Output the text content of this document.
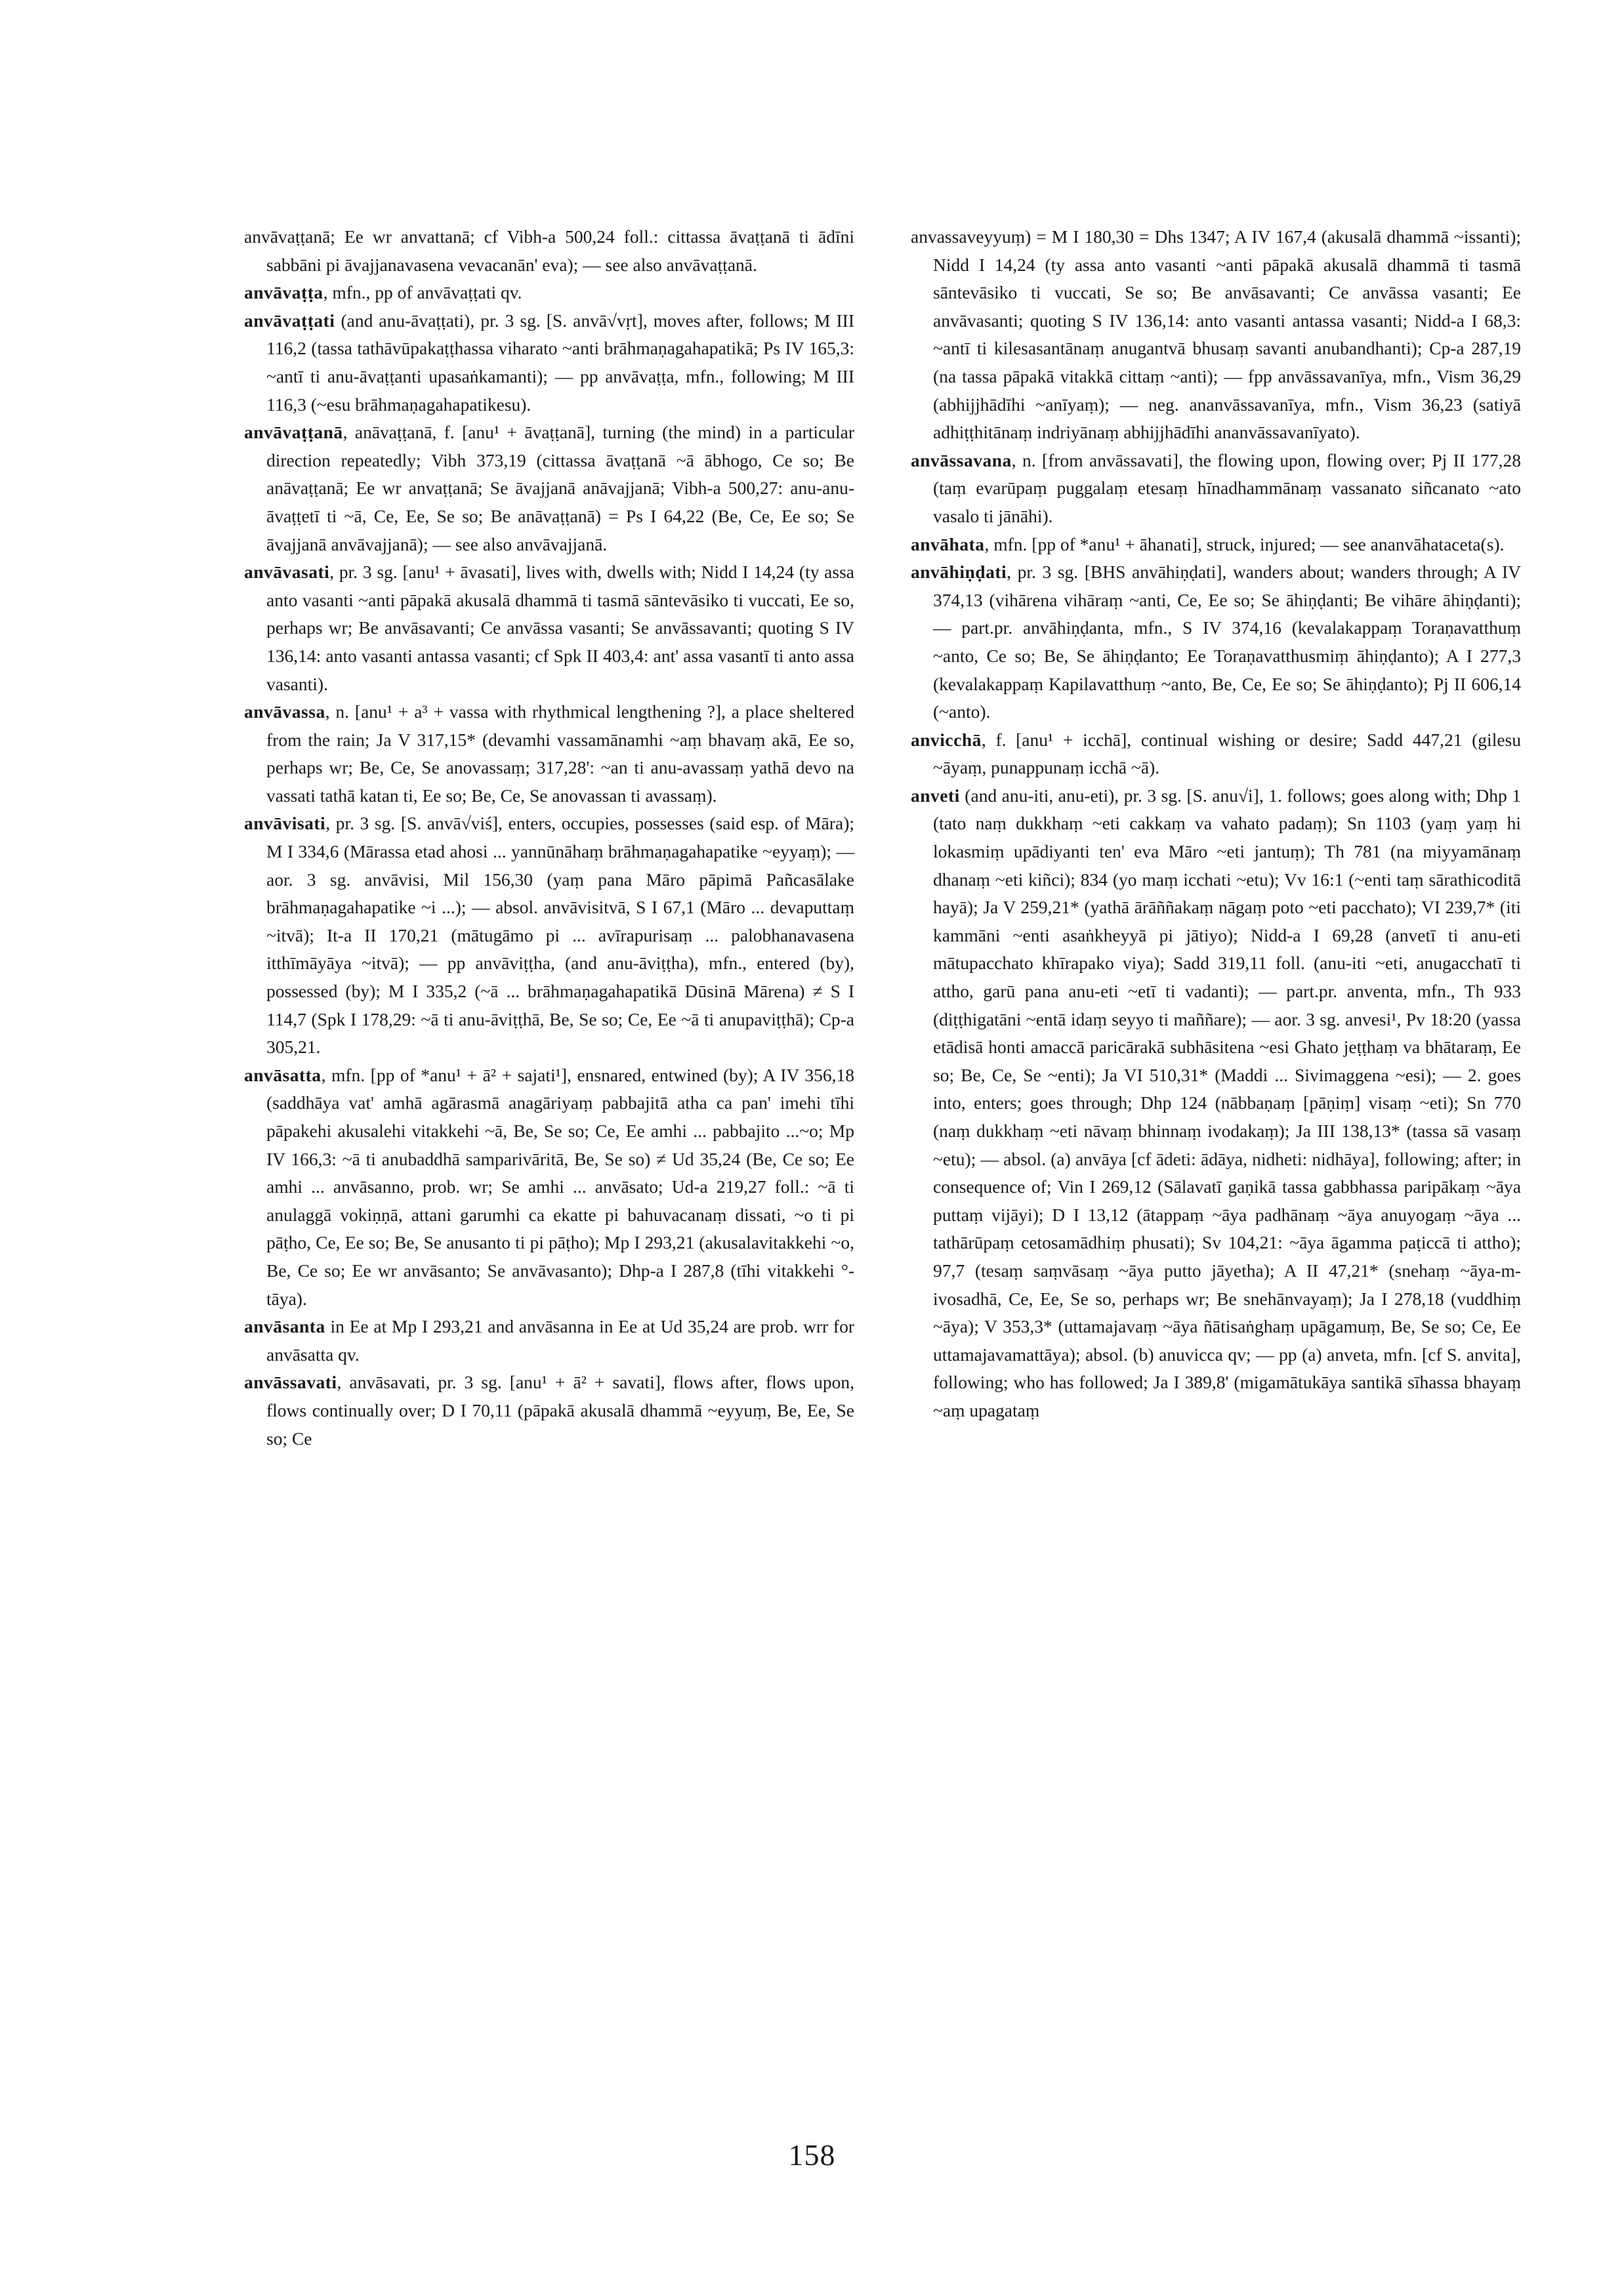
anvāvaṭṭanā; Ee wr anvattanā; cf Vibh-a 500,24 foll.: cittassa āvaṭṭanā ti ādīni sabbāni pi āvajjanavasena vevacanān' eva); — see also anvāvaṭṭanā.

anvāvaṭṭa, mfn., pp of anvāvaṭṭati qv.

anvāvaṭṭati (and anu-āvaṭṭati), pr. 3 sg. [S. anvā√vṛt], moves after, follows; M III 116,2 (tassa tathāvūpakaṭṭhassa viharato ~anti brāhmaṇagahapatikā; Ps IV 165,3: ~antī ti anu-āvaṭṭanti upasaṅkamanti); — pp anvāvaṭṭa, mfn., following; M III 116,3 (~esu brāhmaṇagahapatikesu).

anvāvaṭṭanā, anāvaṭṭanā, f. [anu¹ + āvaṭṭanā], turning (the mind) in a particular direction repeatedly; Vibh 373,19 (cittassa āvaṭṭanā ~ā ābhogo, Ce so; Be anāvaṭṭanā; Ee wr anvaṭṭanā; Se āvajjanā anāvajjanā; Vibh-a 500,27: anu-anu-āvaṭṭetī ti ~ā, Ce, Ee, Se so; Be anāvaṭṭanā) = Ps I 64,22 (Be, Ce, Ee so; Se āvajjanā anvāvajjanā); — see also anvāvajjanā.

anvāvasati, pr. 3 sg. [anu¹ + āvasati], lives with, dwells with; Nidd I 14,24 (ty assa anto vasanti ~anti pāpakā akusalā dhammā ti tasmā sāntevāsiko ti vuccati, Ee so, perhaps wr; Be anvāsavanti; Ce anvāssa vasanti; Se anvāssavanti; quoting S IV 136,14: anto vasanti antassa vasanti; cf Spk II 403,4: ant' assa vasantī ti anto assa vasanti).

anvāvassa, n. [anu¹ + a³ + vassa with rhythmical lengthening ?], a place sheltered from the rain; Ja V 317,15* (devamhi vassamānamhi ~aṃ bhavaṃ akā, Ee so, perhaps wr; Be, Ce, Se anovassaṃ; 317,28': ~an ti anu-avassaṃ yathā devo na vassati tathā katan ti, Ee so; Be, Ce, Se anovassan ti avassaṃ).

anvāvisati, pr. 3 sg. [S. anvā√viś], enters, occupies, possesses (said esp. of Māra); M I 334,6 (Mārassa etad ahosi ... yannūnāhaṃ brāhmaṇagahapatike ~eyyaṃ); — aor. 3 sg. anvāvisi, Mil 156,30 (yaṃ pana Māro pāpimā Pañcasālake brāhmaṇagahapatike ~i ...); — absol. anvāvisitvā, S I 67,1 (Māro ... devaputtaṃ ~itvā); It-a II 170,21 (mātugāmo pi ... avīrapurisaṃ ... palobhanavasena itthīmāyāya ~itvā); — pp anvāviṭṭha, (and anu-āviṭṭha), mfn., entered (by), possessed (by); M I 335,2 (~ā ... brāhmaṇagahapatikā Dūsinā Mārena) ≠ S I 114,7 (Spk I 178,29: ~ā ti anu-āviṭṭhā, Be, Se so; Ce, Ee ~ā ti anupaviṭṭhā); Cp-a 305,21.

anvāsatta, mfn. [pp of *anu¹ + ā² + sajati¹], ensnared, entwined (by); A IV 356,18 (saddhāya vat' amhā agārasmā anagāriyaṃ pabbajitā atha ca pan' imehi tīhi pāpakehi akusalehi vitakkehi ~ā, Be, Se so; Ce, Ee amhi ... pabbajito ...~o; Mp IV 166,3: ~ā ti anubaddhā samparivāritā, Be, Se so) ≠ Ud 35,24 (Be, Ce so; Ee amhi ... anvāsanno, prob. wr; Se amhi ... anvāsato; Ud-a 219,27 foll.: ~ā ti anulaggā vokiṇṇā, attani garumhi ca ekatte pi bahuvacanaṃ dissati, ~o ti pi pāṭho, Ce, Ee so; Be, Se anusanto ti pi pāṭho); Mp I 293,21 (akusalavitakkehi ~o, Be, Ce so; Ee wr anvāsanto; Se anvāvasanto); Dhp-a I 287,8 (tīhi vitakkehi °-tāya).

anvāsanta in Ee at Mp I 293,21 and anvāsanna in Ee at Ud 35,24 are prob. wrr for anvāsatta qv.

anvāssavati, anvāsavati, pr. 3 sg. [anu¹ + ā² + savati], flows after, flows upon, flows continually over; D I 70,11 (pāpakā akusalā dhammā ~eyyuṃ, Be, Ee, Se so; Ce

anvassaveyyuṃ) = M I 180,30 = Dhs 1347; A IV 167,4 (akusalā dhammā ~issanti); Nidd I 14,24 (ty assa anto vasanti ~anti pāpakā akusalā dhammā ti tasmā sāntevāsiko ti vuccati, Se so; Be anvāsavanti; Ce anvāssa vasanti; Ee anvāvasanti; quoting S IV 136,14: anto vasanti antassa vasanti; Nidd-a I 68,3: ~antī ti kilesasantānaṃ anugantvā bhusaṃ savanti anubandhanti); Cp-a 287,19 (na tassa pāpakā vitakkā cittaṃ ~anti); — fpp anvāssavanīya, mfn., Vism 36,29 (abhijjhādīhi ~anīyaṃ); — neg. ananvāssavanīya, mfn., Vism 36,23 (satiyā adhiṭṭhitānaṃ indriyānaṃ abhijjhādīhi ananvāssavanīyato).

anvāssavana, n. [from anvāssavati], the flowing upon, flowing over; Pj II 177,28 (taṃ evarūpaṃ puggalaṃ etesaṃ hīnadhammānaṃ vassanato siñcanato ~ato vasalo ti jānāhi).

anvāhata, mfn. [pp of *anu¹ + āhanati], struck, injured; — see ananvāhataceta(s).

anvāhiṇḍati, pr. 3 sg. [BHS anvāhiṇḍati], wanders about; wanders through; A IV 374,13 (vihārena vihāraṃ ~anti, Ce, Ee so; Se āhiṇḍanti; Be vihāre āhiṇḍanti); — part.pr. anvāhiṇḍanta, mfn., S IV 374,16 (kevalakappaṃ Toraṇavatthuṃ ~anto, Ce so; Be, Se āhiṇḍanto; Ee Toraṇavatthusmiṃ āhiṇḍanto); A I 277,3 (kevalakappaṃ Kapilavatthuṃ ~anto, Be, Ce, Ee so; Se āhiṇḍanto); Pj II 606,14 (~anto).

anvicchā, f. [anu¹ + icchā], continual wishing or desire; Sadd 447,21 (gilesu ~āyaṃ, punappunaṃ icchā ~ā).

anveti (and anu-iti, anu-eti), pr. 3 sg. [S. anu√i], 1. follows; goes along with; Dhp 1 (tato naṃ dukkhaṃ ~eti cakkaṃ va vahato padaṃ); Sn 1103 (yaṃ yaṃ hi lokasmiṃ upādiyanti ten' eva Māro ~eti jantuṃ); Th 781 (na miyyamānaṃ dhanaṃ ~eti kiñci); 834 (yo maṃ icchati ~etu); Vv 16:1 (~enti taṃ sārathicoditā hayā); Ja V 259,21* (yathā ārāññakaṃ nāgaṃ poto ~eti pacchato); VI 239,7* (iti kammāni ~enti asaṅkheyyā pi jātiyo); Nidd-a I 69,28 (anvetī ti anu-eti mātupacchato khīrapako viya); Sadd 319,11 foll. (anu-iti ~eti, anugacchatī ti attho, garū pana anu-eti ~etī ti vadanti); — part.pr. anventa, mfn., Th 933 (diṭṭhigatāni ~entā idaṃ seyyo ti maññare); — aor. 3 sg. anvesi¹, Pv 18:20 (yassa etādisā honti amaccā paricārakā subhāsitena ~esi Ghato jeṭṭhaṃ va bhātaraṃ, Ee so; Be, Ce, Se ~enti); Ja VI 510,31* (Maddi ... Sivimaggena ~esi); — 2. goes into, enters; goes through; Dhp 124 (nābbaṇaṃ [pāṇiṃ] visaṃ ~eti); Sn 770 (naṃ dukkhaṃ ~eti nāvaṃ bhinnaṃ ivodakaṃ); Ja III 138,13* (tassa sā vasaṃ ~etu); — absol. (a) anvāya [cf ādeti: ādāya, nidheti: nidhāya], following; after; in consequence of; Vin I 269,12 (Sālavatī gaṇikā tassa gabbhassa paripākaṃ ~āya puttaṃ vijāyi); D I 13,12 (ātappaṃ ~āya padhānaṃ ~āya anuyogaṃ ~āya ... tathārūpaṃ cetosamādhiṃ phusati); Sv 104,21: ~āya āgamma paṭiccā ti attho); 97,7 (tesaṃ saṃvāsaṃ ~āya putto jāyetha); A II 47,21* (snehaṃ ~āya-m-ivosadhā, Ce, Ee, Se so, perhaps wr; Be snehānvayaṃ); Ja I 278,18 (vuddhiṃ ~āya); V 353,3* (uttamajavaṃ ~āya ñātisaṅghaṃ upāgamuṃ, Be, Se so; Ce, Ee uttamajavamattāya); absol. (b) anuvicca qv; — pp (a) anveta, mfn. [cf S. anvita], following; who has followed; Ja I 389,8' (migamātukāya santikā sīhassa bhayaṃ ~aṃ upagataṃ

158
